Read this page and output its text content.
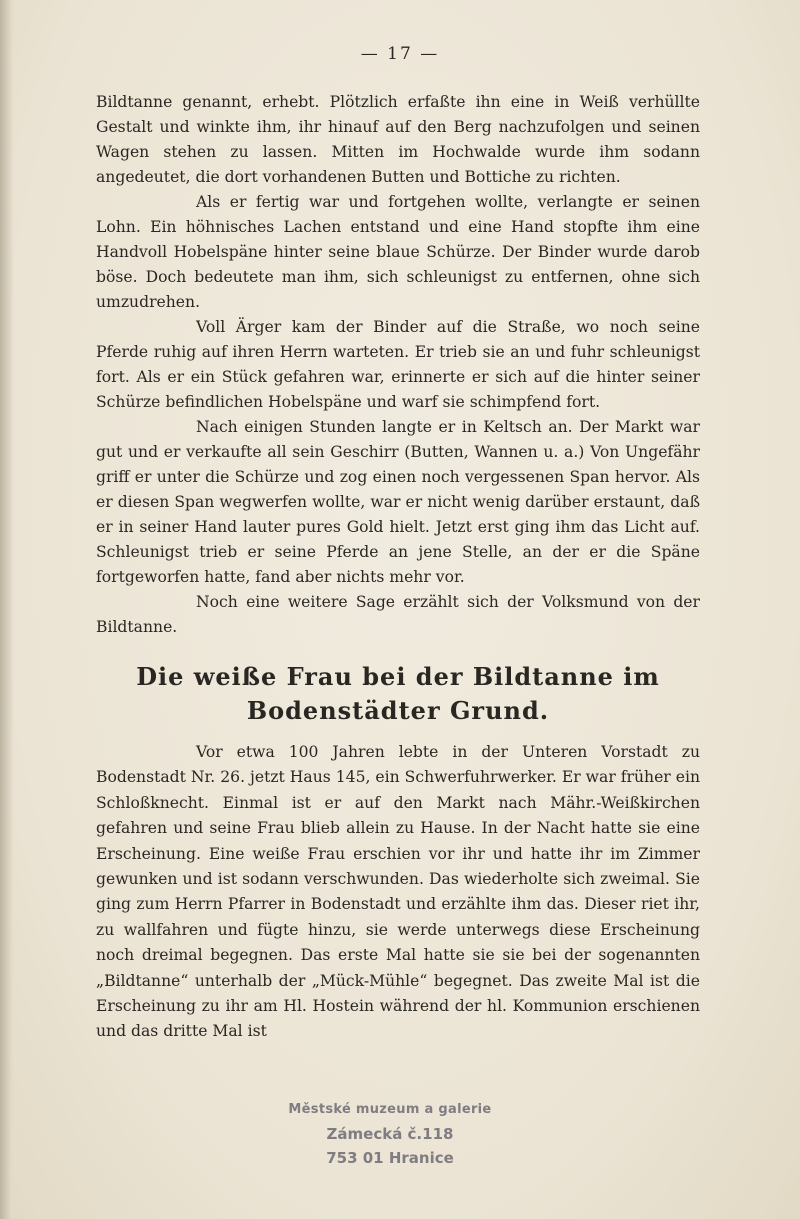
— 17 —

Bildtanne genannt, erhebt. Plötzlich erfaßte ihn eine in Weiß verhüllte Gestalt und winkte ihm, ihr hinauf auf den Berg nachzufolgen und seinen Wagen stehen zu lassen. Mitten im Hochwalde wurde ihm sodann angedeutet, die dort vorhandenen Butten und Bottiche zu richten.

Als er fertig war und fortgehen wollte, verlangte er seinen Lohn. Ein höhnisches Lachen entstand und eine Hand stopfte ihm eine Handvoll Hobelspäne hinter seine blaue Schürze. Der Binder wurde darob böse. Doch bedeutete man ihm, sich schleunigst zu entfernen, ohne sich umzudrehen.

Voll Ärger kam der Binder auf die Straße, wo noch seine Pferde ruhig auf ihren Herrn warteten. Er trieb sie an und fuhr schleunigst fort. Als er ein Stück gefahren war, erinnerte er sich auf die hinter seiner Schürze befindlichen Hobelspäne und warf sie schimpfend fort.

Nach einigen Stunden langte er in Keltsch an. Der Markt war gut und er verkaufte all sein Geschirr (Butten, Wannen u. a.) Von Ungefähr griff er unter die Schürze und zog einen noch vergessenen Span hervor. Als er diesen Span wegwerfen wollte, war er nicht wenig darüber erstaunt, daß er in seiner Hand lauter pures Gold hielt. Jetzt erst ging ihm das Licht auf. Schleunigst trieb er seine Pferde an jene Stelle, an der er die Späne fortgeworfen hatte, fand aber nichts mehr vor.

Noch eine weitere Sage erzählt sich der Volksmund von der Bildtanne.

Die weiße Frau bei der Bildtanne im Bodenstädter Grund.

Vor etwa 100 Jahren lebte in der Unteren Vorstadt zu Bodenstadt Nr. 26. jetzt Haus 145, ein Schwerfuhrwerker. Er war früher ein Schloßknecht. Einmal ist er auf den Markt nach Mähr.-Weißkirchen gefahren und seine Frau blieb allein zu Hause. In der Nacht hatte sie eine Erscheinung. Eine weiße Frau erschien vor ihr und hatte ihr im Zimmer gewunken und ist sodann verschwunden. Das wiederholte sich zweimal. Sie ging zum Herrn Pfarrer in Bodenstadt und erzählte ihm das. Dieser riet ihr, zu wallfahren und fügte hinzu, sie werde unterwegs diese Erscheinung noch dreimal begegnen. Das erste Mal hatte sie sie bei der sogenannten „Bildtanne“ unterhalb der „Mück-Mühle“ begegnet. Das zweite Mal ist die Erscheinung zu ihr am Hl. Hostein während der hl. Kommunion erschienen und das dritte Mal ist

Městské muzeum a galerie
Zámecká č.118
753 01 Hranice
